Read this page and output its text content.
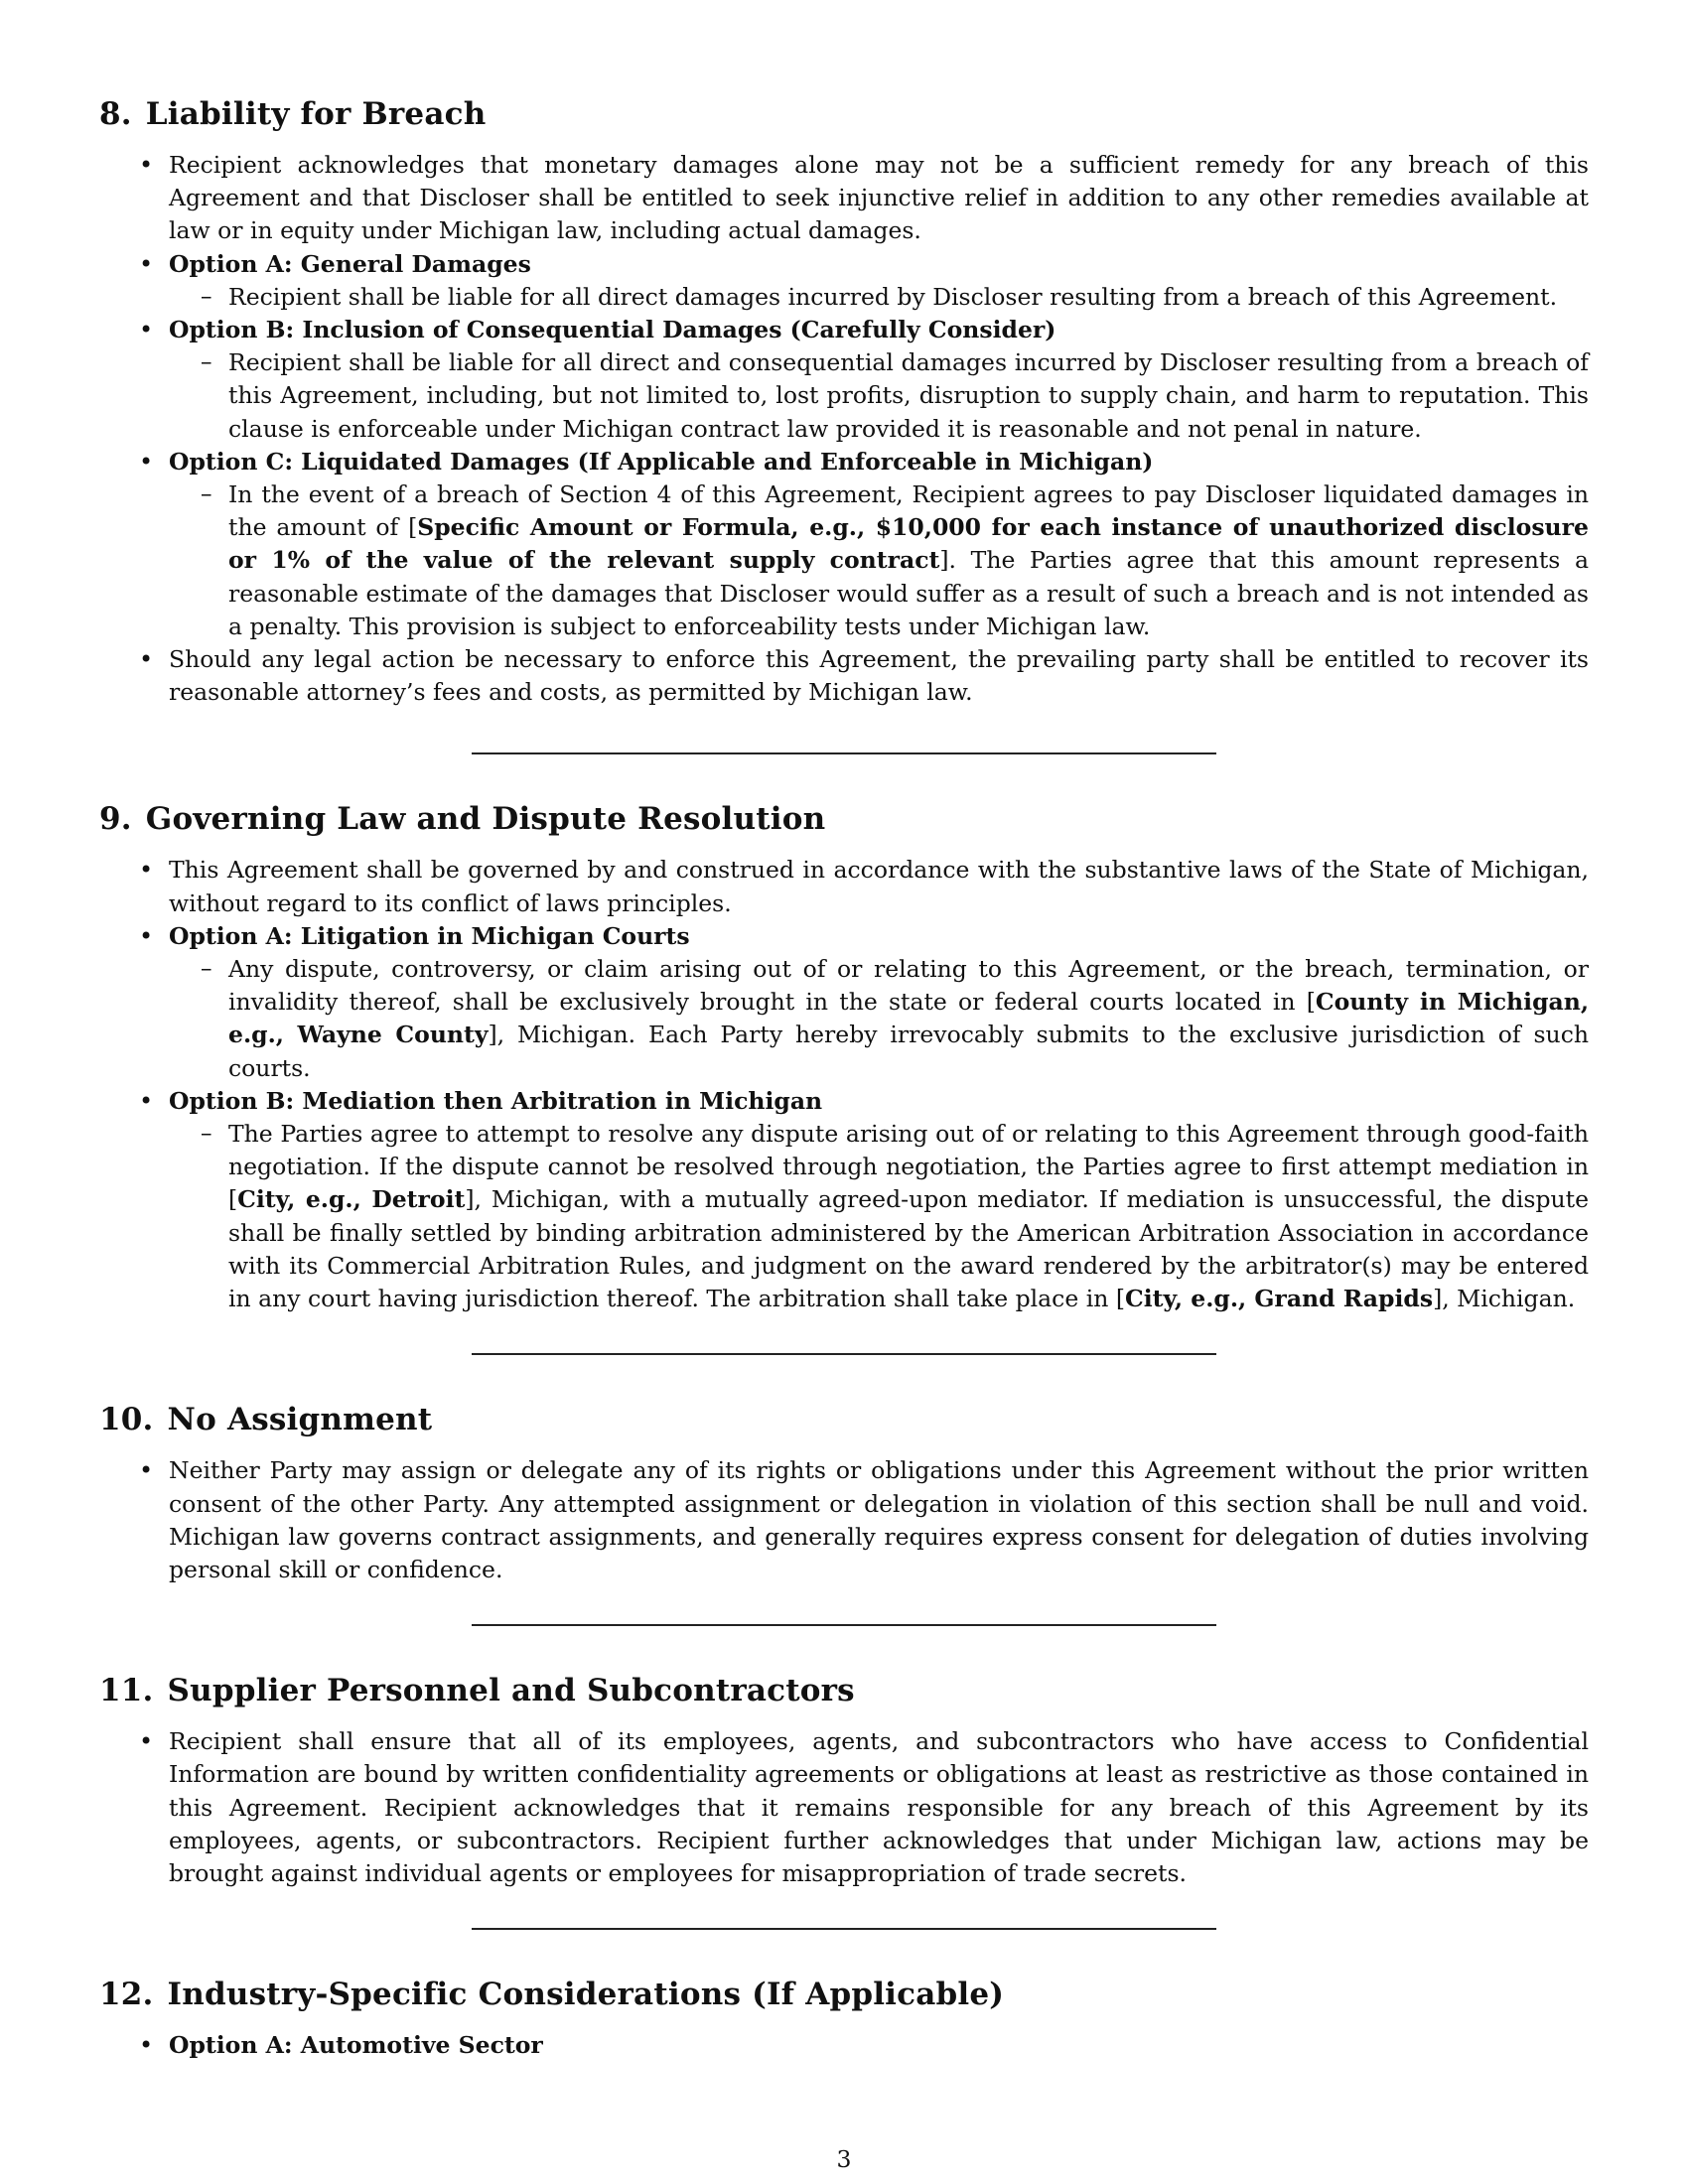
8. Liability for Breach

• Recipient acknowledges that monetary damages alone may not be a sufficient remedy for any breach of this Agreement and that Discloser shall be entitled to seek injunctive relief in addition to any other remedies available at law or in equity under Michigan law, including actual damages.

• Option A: General Damages

– Recipient shall be liable for all direct damages incurred by Discloser resulting from a breach of this Agreement.

• Option B: Inclusion of Consequential Damages (Carefully Consider)

– Recipient shall be liable for all direct and consequential damages incurred by Discloser resulting from a breach of this Agreement, including, but not limited to, lost profits, disruption to supply chain, and harm to reputation. This clause is enforceable under Michigan contract law provided it is reasonable and not penal in nature.

• Option C: Liquidated Damages (If Applicable and Enforceable in Michigan)

– In the event of a breach of Section 4 of this Agreement, Recipient agrees to pay Discloser liquidated damages in the amount of [Specific Amount or Formula, e.g., $10,000 for each instance of unauthorized disclosure or 1% of the value of the relevant supply contract]. The Parties agree that this amount represents a reasonable estimate of the damages that Discloser would suffer as a result of such a breach and is not intended as a penalty. This provision is subject to enforceability tests under Michigan law.

• Should any legal action be necessary to enforce this Agreement, the prevailing party shall be entitled to recover its reasonable attorney’s fees and costs, as permitted by Michigan law.

9. Governing Law and Dispute Resolution

• This Agreement shall be governed by and construed in accordance with the substantive laws of the State of Michigan, without regard to its conflict of laws principles.

• Option A: Litigation in Michigan Courts

– Any dispute, controversy, or claim arising out of or relating to this Agreement, or the breach, termination, or invalidity thereof, shall be exclusively brought in the state or federal courts located in [County in Michigan, e.g., Wayne County], Michigan. Each Party hereby irrevocably submits to the exclusive jurisdiction of such courts.

• Option B: Mediation then Arbitration in Michigan

– The Parties agree to attempt to resolve any dispute arising out of or relating to this Agreement through good-faith negotiation. If the dispute cannot be resolved through negotiation, the Parties agree to first attempt mediation in [City, e.g., Detroit], Michigan, with a mutually agreed-upon mediator. If mediation is unsuccessful, the dispute shall be finally settled by binding arbitration administered by the American Arbitration Association in accordance with its Commercial Arbitration Rules, and judgment on the award rendered by the arbitrator(s) may be entered in any court having jurisdiction thereof. The arbitration shall take place in [City, e.g., Grand Rapids], Michigan.

10. No Assignment

• Neither Party may assign or delegate any of its rights or obligations under this Agreement without the prior written consent of the other Party. Any attempted assignment or delegation in violation of this section shall be null and void. Michigan law governs contract assignments, and generally requires express consent for delegation of duties involving personal skill or confidence.

11. Supplier Personnel and Subcontractors

• Recipient shall ensure that all of its employees, agents, and subcontractors who have access to Confidential Information are bound by written confidentiality agreements or obligations at least as restrictive as those contained in this Agreement. Recipient acknowledges that it remains responsible for any breach of this Agreement by its employees, agents, or subcontractors. Recipient further acknowledges that under Michigan law, actions may be brought against individual agents or employees for misappropriation of trade secrets.

12. Industry-Specific Considerations (If Applicable)
• Option A: Automotive Sector
3
